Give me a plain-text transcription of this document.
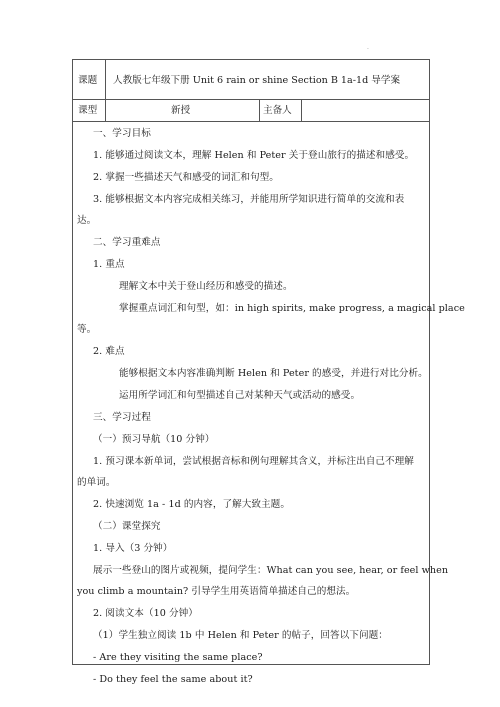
.
课题 人教版七年级下册 Unit 6 rain or shine Section B 1a-1d 导学案
课型	新授	主备人
一、学习目标
1. 能够通过阅读文本，理解 Helen 和 Peter 关于登山旅行的描述和感受。
2. 掌握一些描述天气和感受的词汇和句型。
3. 能够根据文本内容完成相关练习，并能用所学知识进行简单的交流和表
达。
二、学习重难点
1. 重点
理解文本中关于登山经历和感受的描述。
掌握重点词汇和句型，如：in high spirits, make progress, a magical place
等。
2. 难点
能够根据文本内容准确判断 Helen 和 Peter 的感受，并进行对比分析。
运用所学词汇和句型描述自己对某种天气或活动的感受。
三、学习过程
（一）预习导航（10 分钟）
1. 预习课本新单词，尝试根据音标和例句理解其含义，并标注出自己不理解
的单词。
2. 快速浏览 1a - 1d 的内容，了解大致主题。
（二）课堂探究
1. 导入（3 分钟）
展示一些登山的图片或视频，提问学生：What can you see, hear, or feel when
you climb a mountain? 引导学生用英语简单描述自己的想法。
2. 阅读文本（10 分钟）
（1）学生独立阅读 1b 中 Helen 和 Peter 的帖子，回答以下问题：
- Are they visiting the same place?
- Do they feel the same about it?
